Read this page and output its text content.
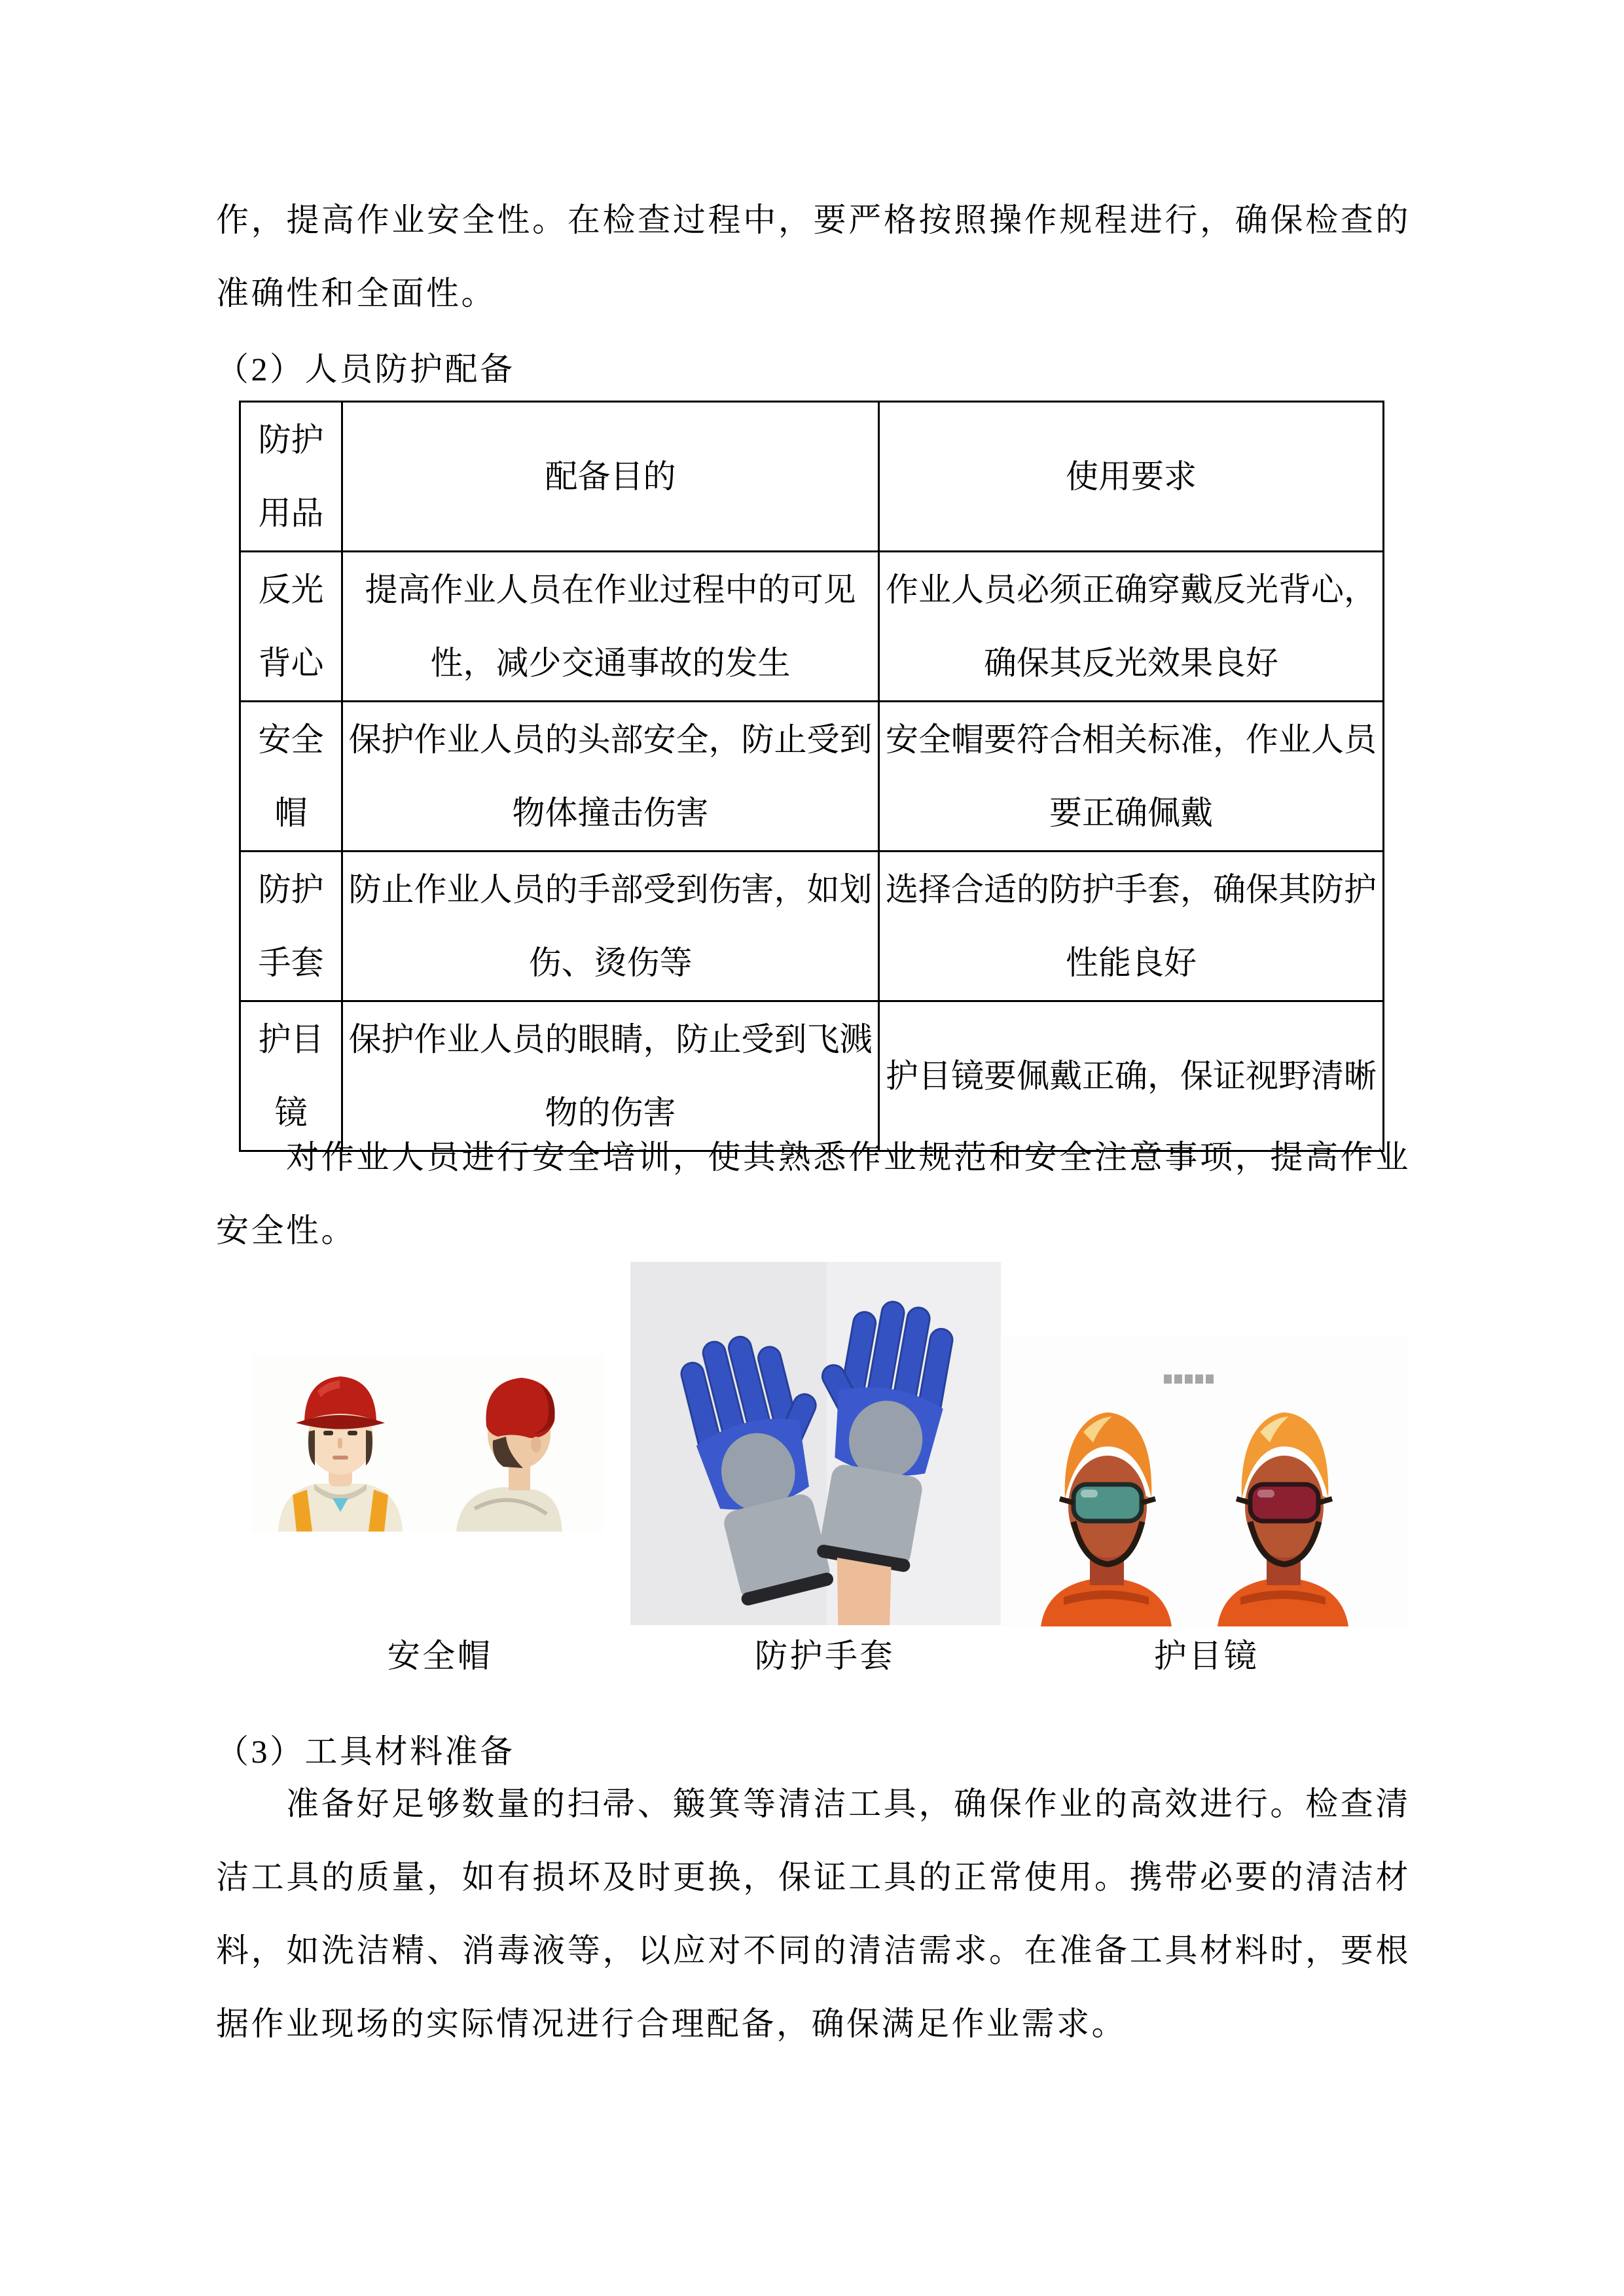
作，提高作业安全性。在检查过程中，要严格按照操作规程进行，确保检查的准确性和全面性。
（2）人员防护配备
防护用品	配备目的	使用要求
反光背心	提高作业人员在作业过程中的可见性，减少交通事故的发生	作业人员必须正确穿戴反光背心，确保其反光效果良好
安全帽	保护作业人员的头部安全，防止受到物体撞击伤害	安全帽要符合相关标准，作业人员要正确佩戴
防护手套	防止作业人员的手部受到伤害，如划伤、烫伤等	选择合适的防护手套，确保其防护性能良好
护目镜	保护作业人员的眼睛，防止受到飞溅物的伤害	护目镜要佩戴正确，保证视野清晰
对作业人员进行安全培训，使其熟悉作业规范和安全注意事项，提高作业安全性。
安全帽	防护手套	护目镜
（3）工具材料准备
准备好足够数量的扫帚、簸箕等清洁工具，确保作业的高效进行。检查清洁工具的质量，如有损坏及时更换，保证工具的正常使用。携带必要的清洁材料，如洗洁精、消毒液等，以应对不同的清洁需求。在准备工具材料时，要根据作业现场的实际情况进行合理配备，确保满足作业需求。
